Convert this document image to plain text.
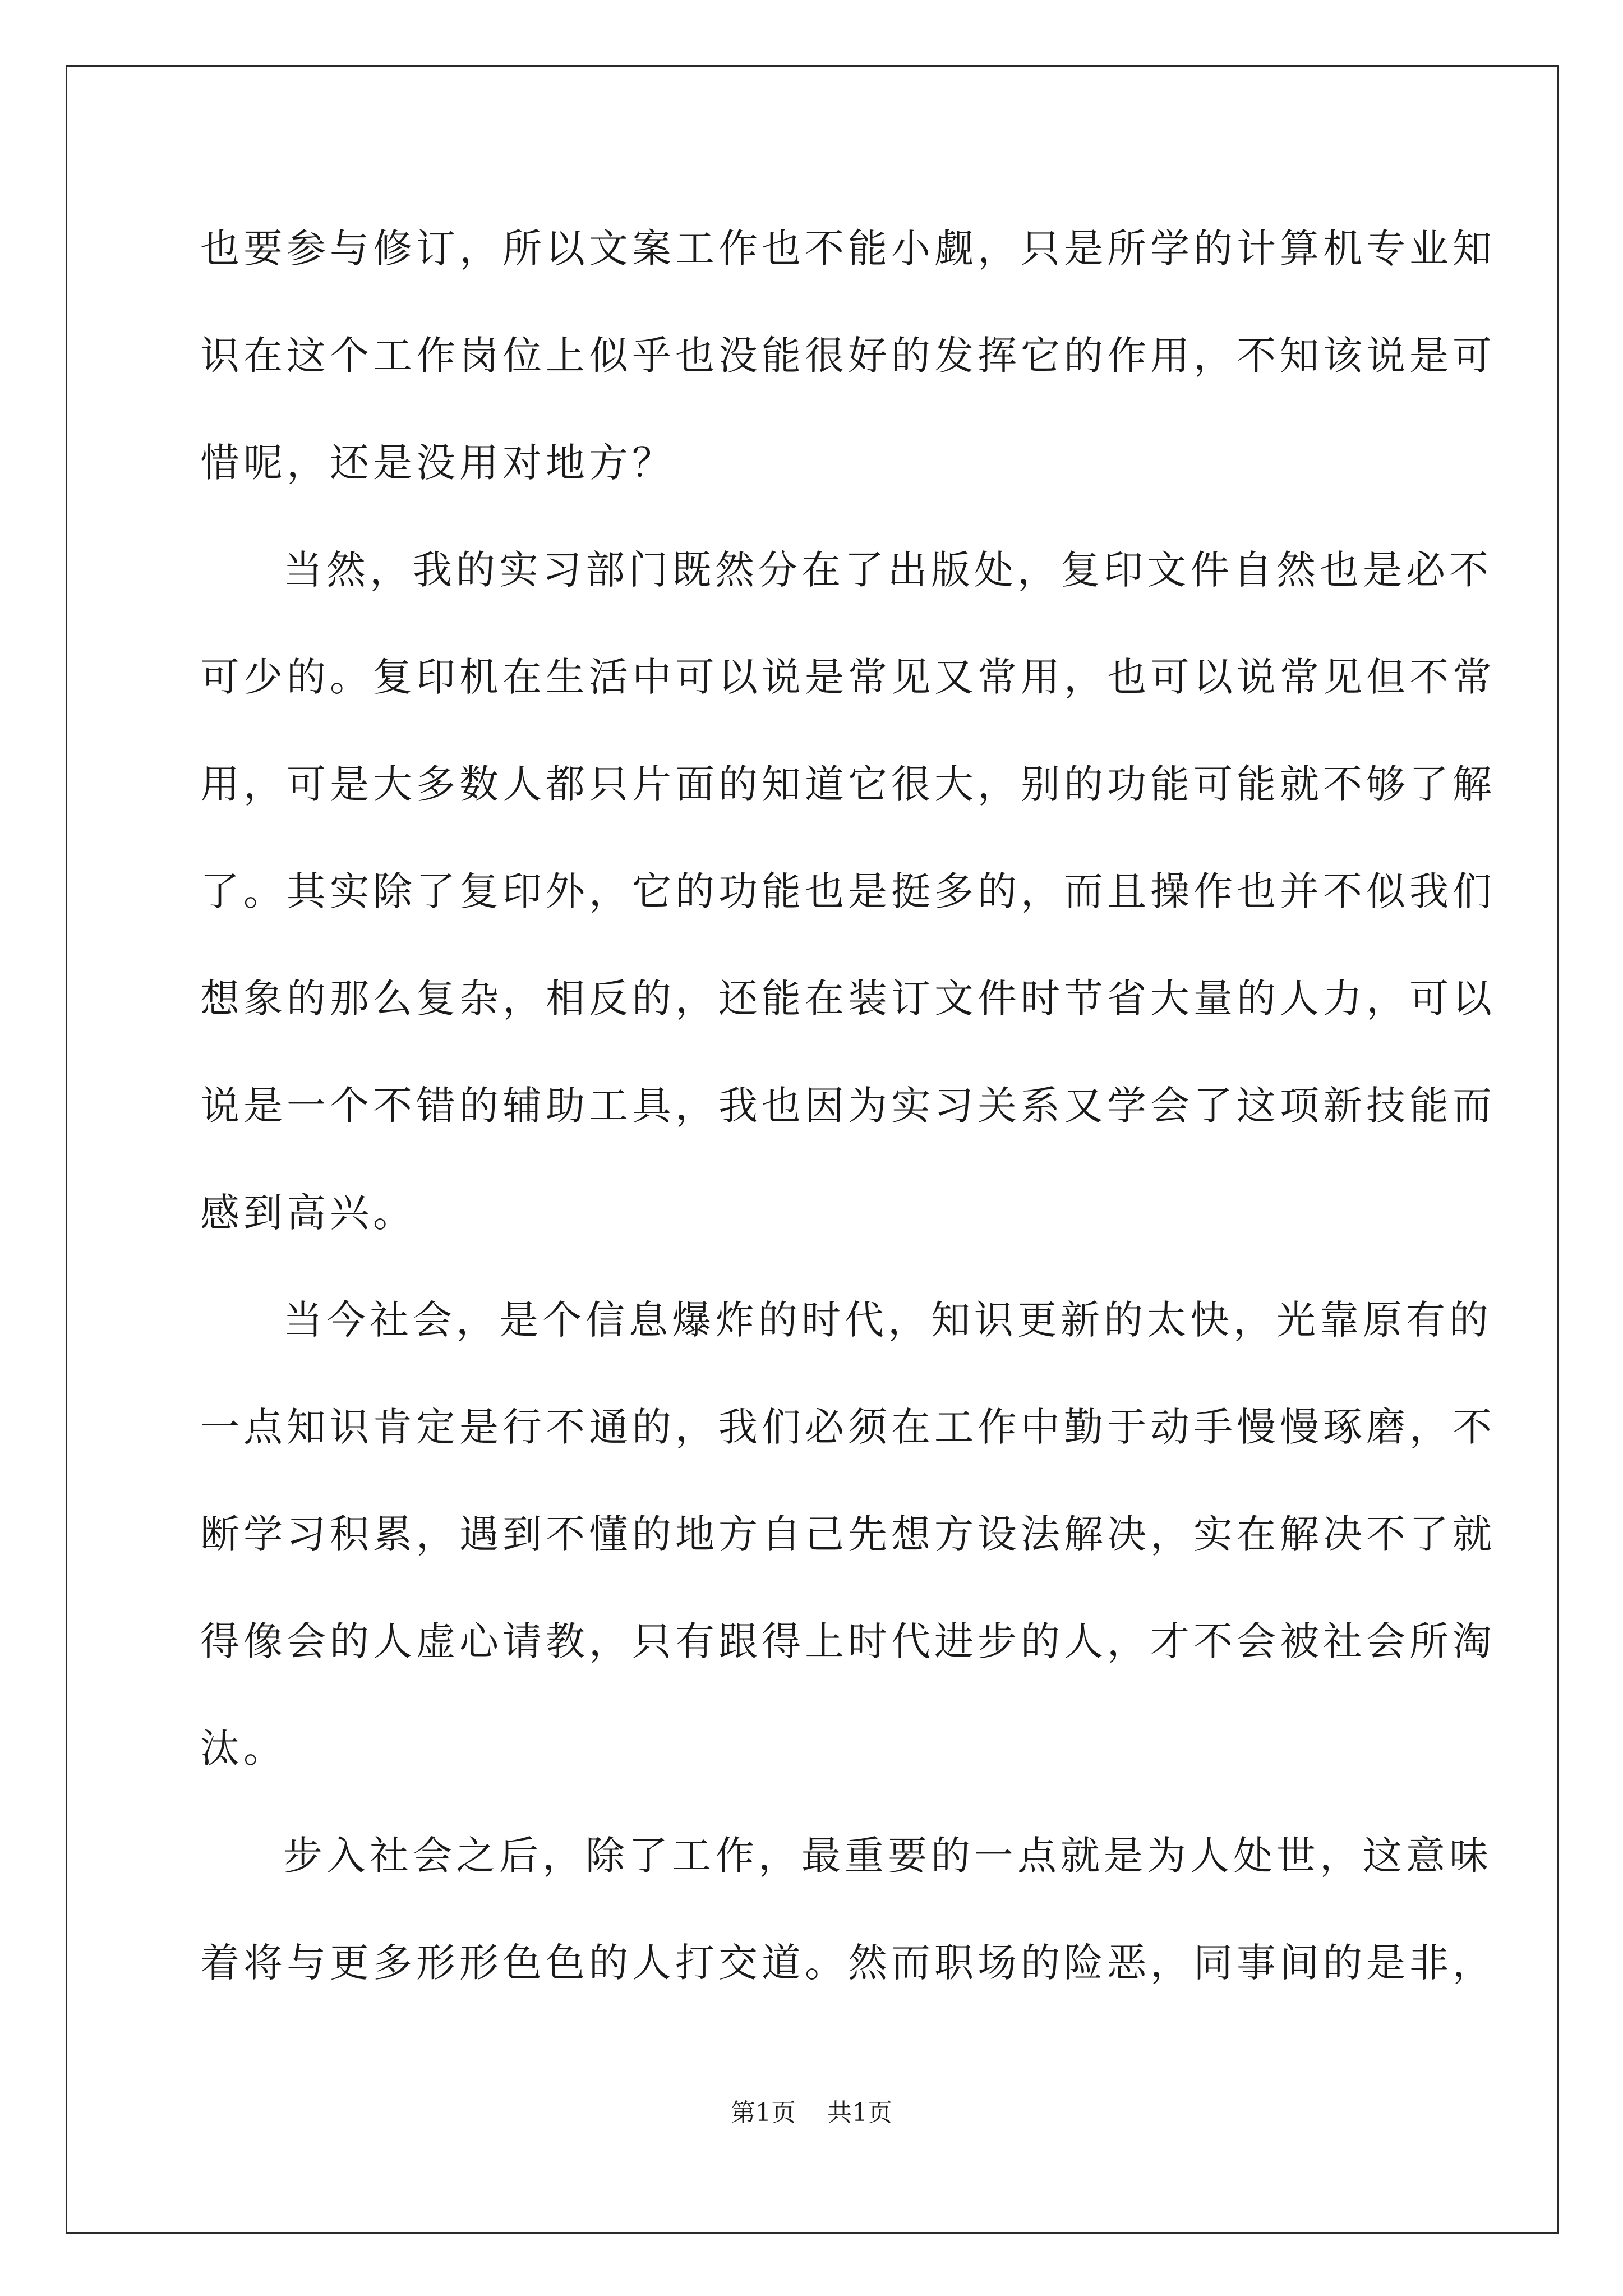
也要参与修订，所以文案工作也不能小觑，只是所学的计算机专业知
识在这个工作岗位上似乎也没能很好的发挥它的作用，不知该说是可
惜呢，还是没用对地方？
当然，我的实习部门既然分在了出版处，复印文件自然也是必不
可少的。复印机在生活中可以说是常见又常用，也可以说常见但不常
用，可是大多数人都只片面的知道它很大，别的功能可能就不够了解
了。其实除了复印外，它的功能也是挺多的，而且操作也并不似我们
想象的那么复杂，相反的，还能在装订文件时节省大量的人力，可以
说是一个不错的辅助工具，我也因为实习关系又学会了这项新技能而
感到高兴。
当今社会，是个信息爆炸的时代，知识更新的太快，光靠原有的
一点知识肯定是行不通的，我们必须在工作中勤于动手慢慢琢磨，不
断学习积累，遇到不懂的地方自己先想方设法解决，实在解决不了就
得像会的人虚心请教，只有跟得上时代进步的人，才不会被社会所淘
汰。
步入社会之后，除了工作，最重要的一点就是为人处世，这意味
着将与更多形形色色的人打交道。然而职场的险恶，同事间的是非，
第1页 共1页
